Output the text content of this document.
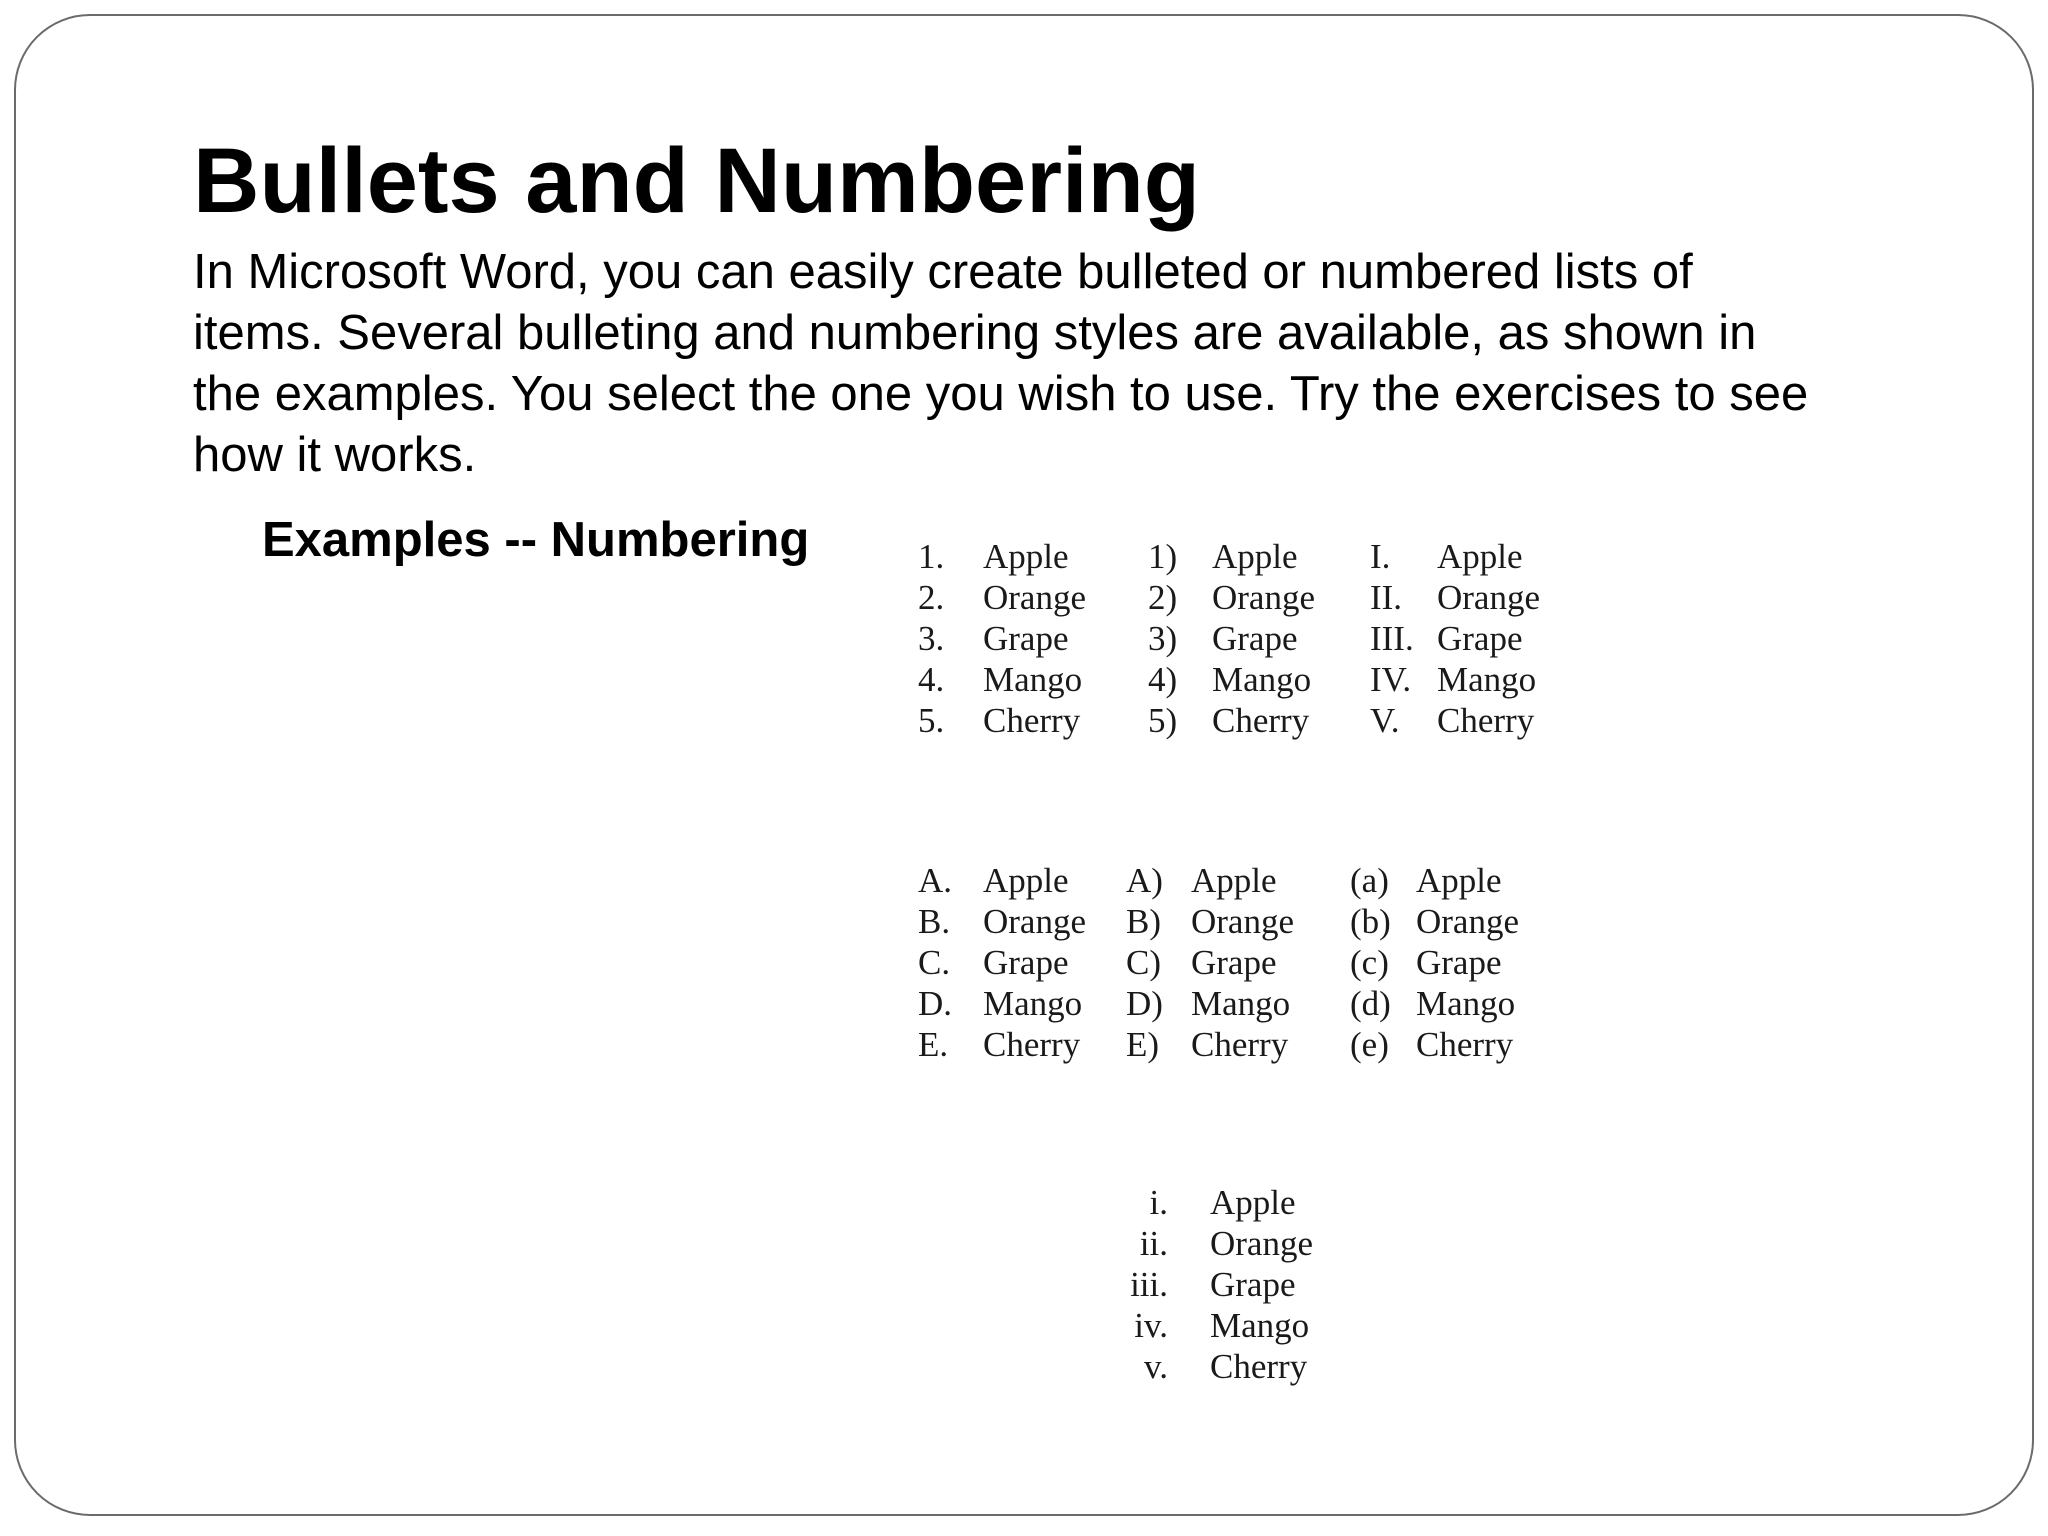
Bullets and Numbering

In Microsoft Word, you can easily create bulleted or numbered lists of items. Several bulleting and numbering styles are available, as shown in the examples. You select the one you wish to use. Try the exercises to see how it works.

Examples -- Numbering	1.	Apple
2.	Orange
3.	Grape
4.	Mango
5.	Cherry
1) Apple
2) Orange
3) Grape
4) Mango
5) Cherry
I.	Apple
II. Orange
III. Grape
IV. Mango
V.	Cherry
A. Apple
B. Orange
C. Grape
D. Mango
E. Cherry
A) Apple
B) Orange
C) Grape
D) Mango
E) Cherry
(a) Apple
(b) Orange
(c) Grape
(d) Mango
(e) Cherry
i. Apple
ii. Orange
iii. Grape
iv. Mango
v. Cherry
